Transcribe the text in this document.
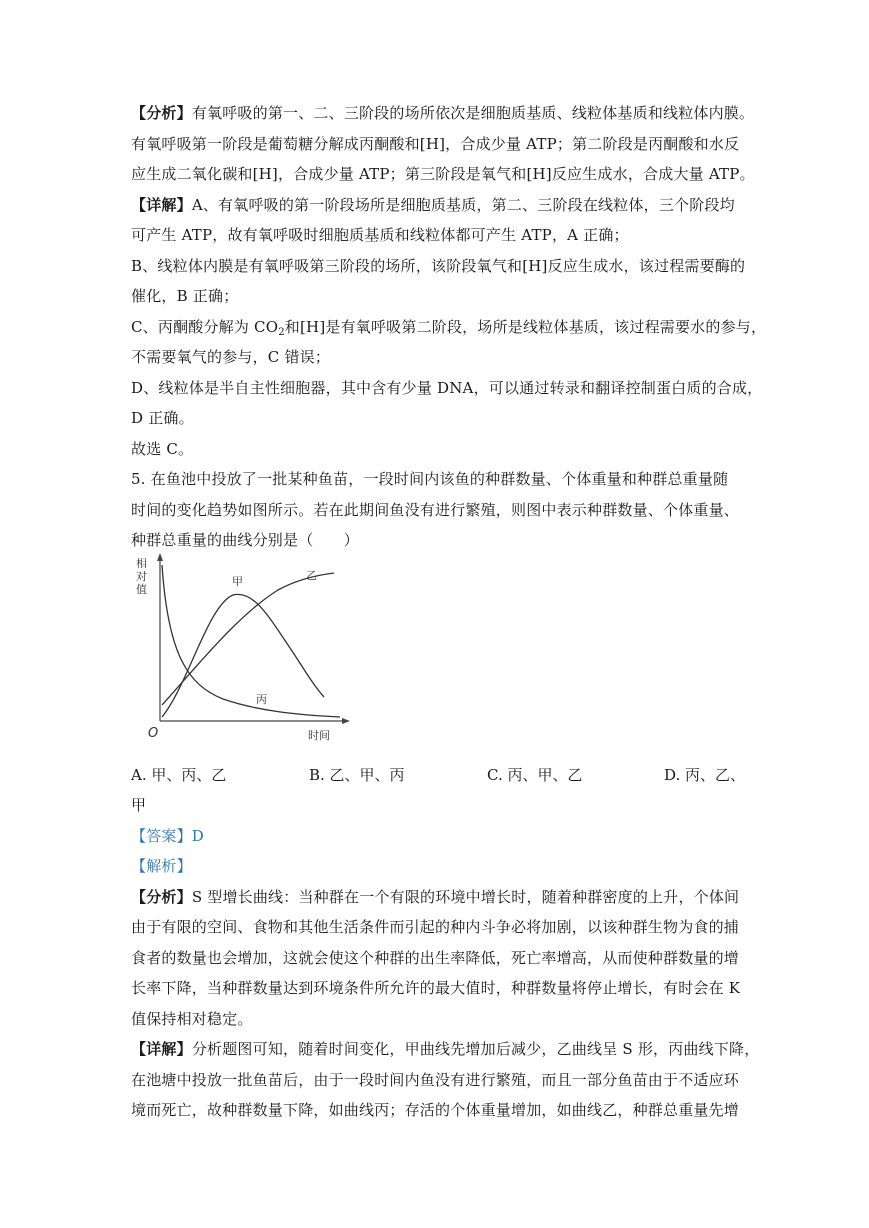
【分析】有氧呼吸的第一、二、三阶段的场所依次是细胞质基质、线粒体基质和线粒体内膜。
有氧呼吸第一阶段是葡萄糖分解成丙酮酸和[H]，合成少量 ATP；第二阶段是丙酮酸和水反
应生成二氧化碳和[H]，合成少量 ATP；第三阶段是氧气和[H]反应生成水，合成大量 ATP。
【详解】A、有氧呼吸的第一阶段场所是细胞质基质，第二、三阶段在线粒体，三个阶段均
可产生 ATP，故有氧呼吸时细胞质基质和线粒体都可产生 ATP，A 正确；
B、线粒体内膜是有氧呼吸第三阶段的场所，该阶段氧气和[H]反应生成水，该过程需要酶的
催化，B 正确；
C、丙酮酸分解为 $CO_2$和[H]是有氧呼吸第二阶段，场所是线粒体基质，该过程需要水的参与，
不需要氧气的参与，C 错误；
D、线粒体是半自主性细胞器，其中含有少量 DNA，可以通过转录和翻译控制蛋白质的合成，
D 正确。
故选 C。
5. 在鱼池中投放了一批某种鱼苗，一段时间内该鱼的种群数量、个体重量和种群总重量随
时间的变化趋势如图所示。若在此期间鱼没有进行繁殖，则图中表示种群数量、个体重量、
种群总重量的曲线分别是（　　）
相对值
时间
O
甲	乙
丙
A. 甲、丙、乙	B. 乙、甲、丙	C. 丙、甲、乙	D. 丙、乙、
甲
【答案】D
【解析】
【分析】S 型增长曲线：当种群在一个有限的环境中增长时，随着种群密度的上升，个体间
由于有限的空间、食物和其他生活条件而引起的种内斗争必将加剧，以该种群生物为食的捕
食者的数量也会增加，这就会使这个种群的出生率降低，死亡率增高，从而使种群数量的增
长率下降，当种群数量达到环境条件所允许的最大值时，种群数量将停止增长，有时会在 K
值保持相对稳定。
【详解】分析题图可知，随着时间变化，甲曲线先增加后减少，乙曲线呈 S 形，丙曲线下降，
在池塘中投放一批鱼苗后，由于一段时间内鱼没有进行繁殖，而且一部分鱼苗由于不适应环
境而死亡，故种群数量下降，如曲线丙；存活的个体重量增加，如曲线乙，种群总重量先增
